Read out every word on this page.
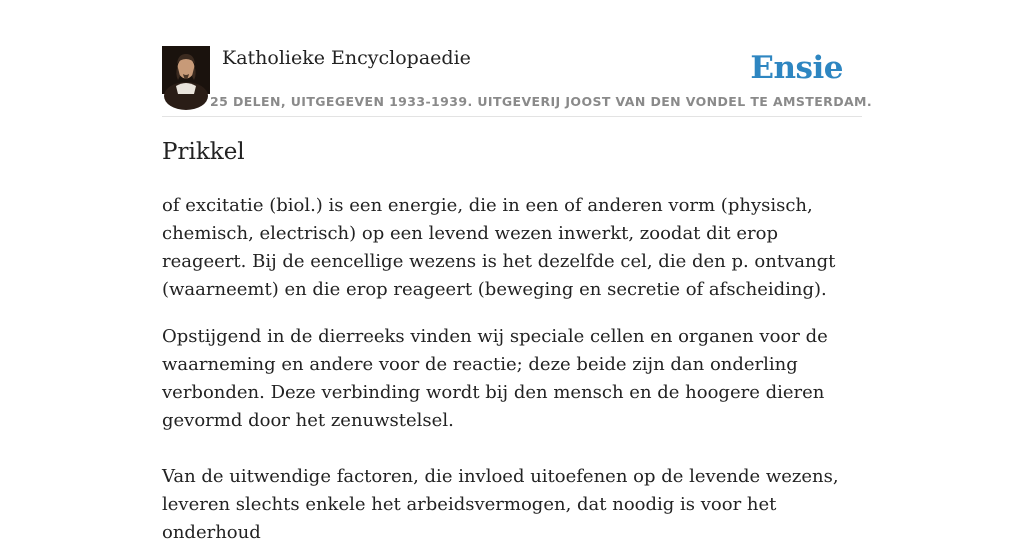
Katholieke Encyclopaedie
25 DELEN, UITGEGEVEN 1933-1939. UITGEVERIJ JOOST VAN DEN VONDEL TE AMSTERDAM.
Ensie
Prikkel

of excitatie (biol.) is een energie, die in een of anderen vorm (physisch, chemisch, electrisch) op een levend wezen inwerkt, zoodat dit erop reageert. Bij de eencellige wezens is het dezelfde cel, die den p. ontvangt (waarneemt) en die erop reageert (beweging en secretie of afscheiding).

Opstijgend in de dierreeks vinden wij speciale cellen en organen voor de waarneming en andere voor de reactie; deze beide zijn dan onderling verbonden. Deze verbinding wordt bij den mensch en de hoogere dieren gevormd door het zenuwstelsel.

Van de uitwendige factoren, die invloed uitoefenen op de levende wezens, leveren slechts enkele het arbeidsvermogen, dat noodig is voor het onderhoud
